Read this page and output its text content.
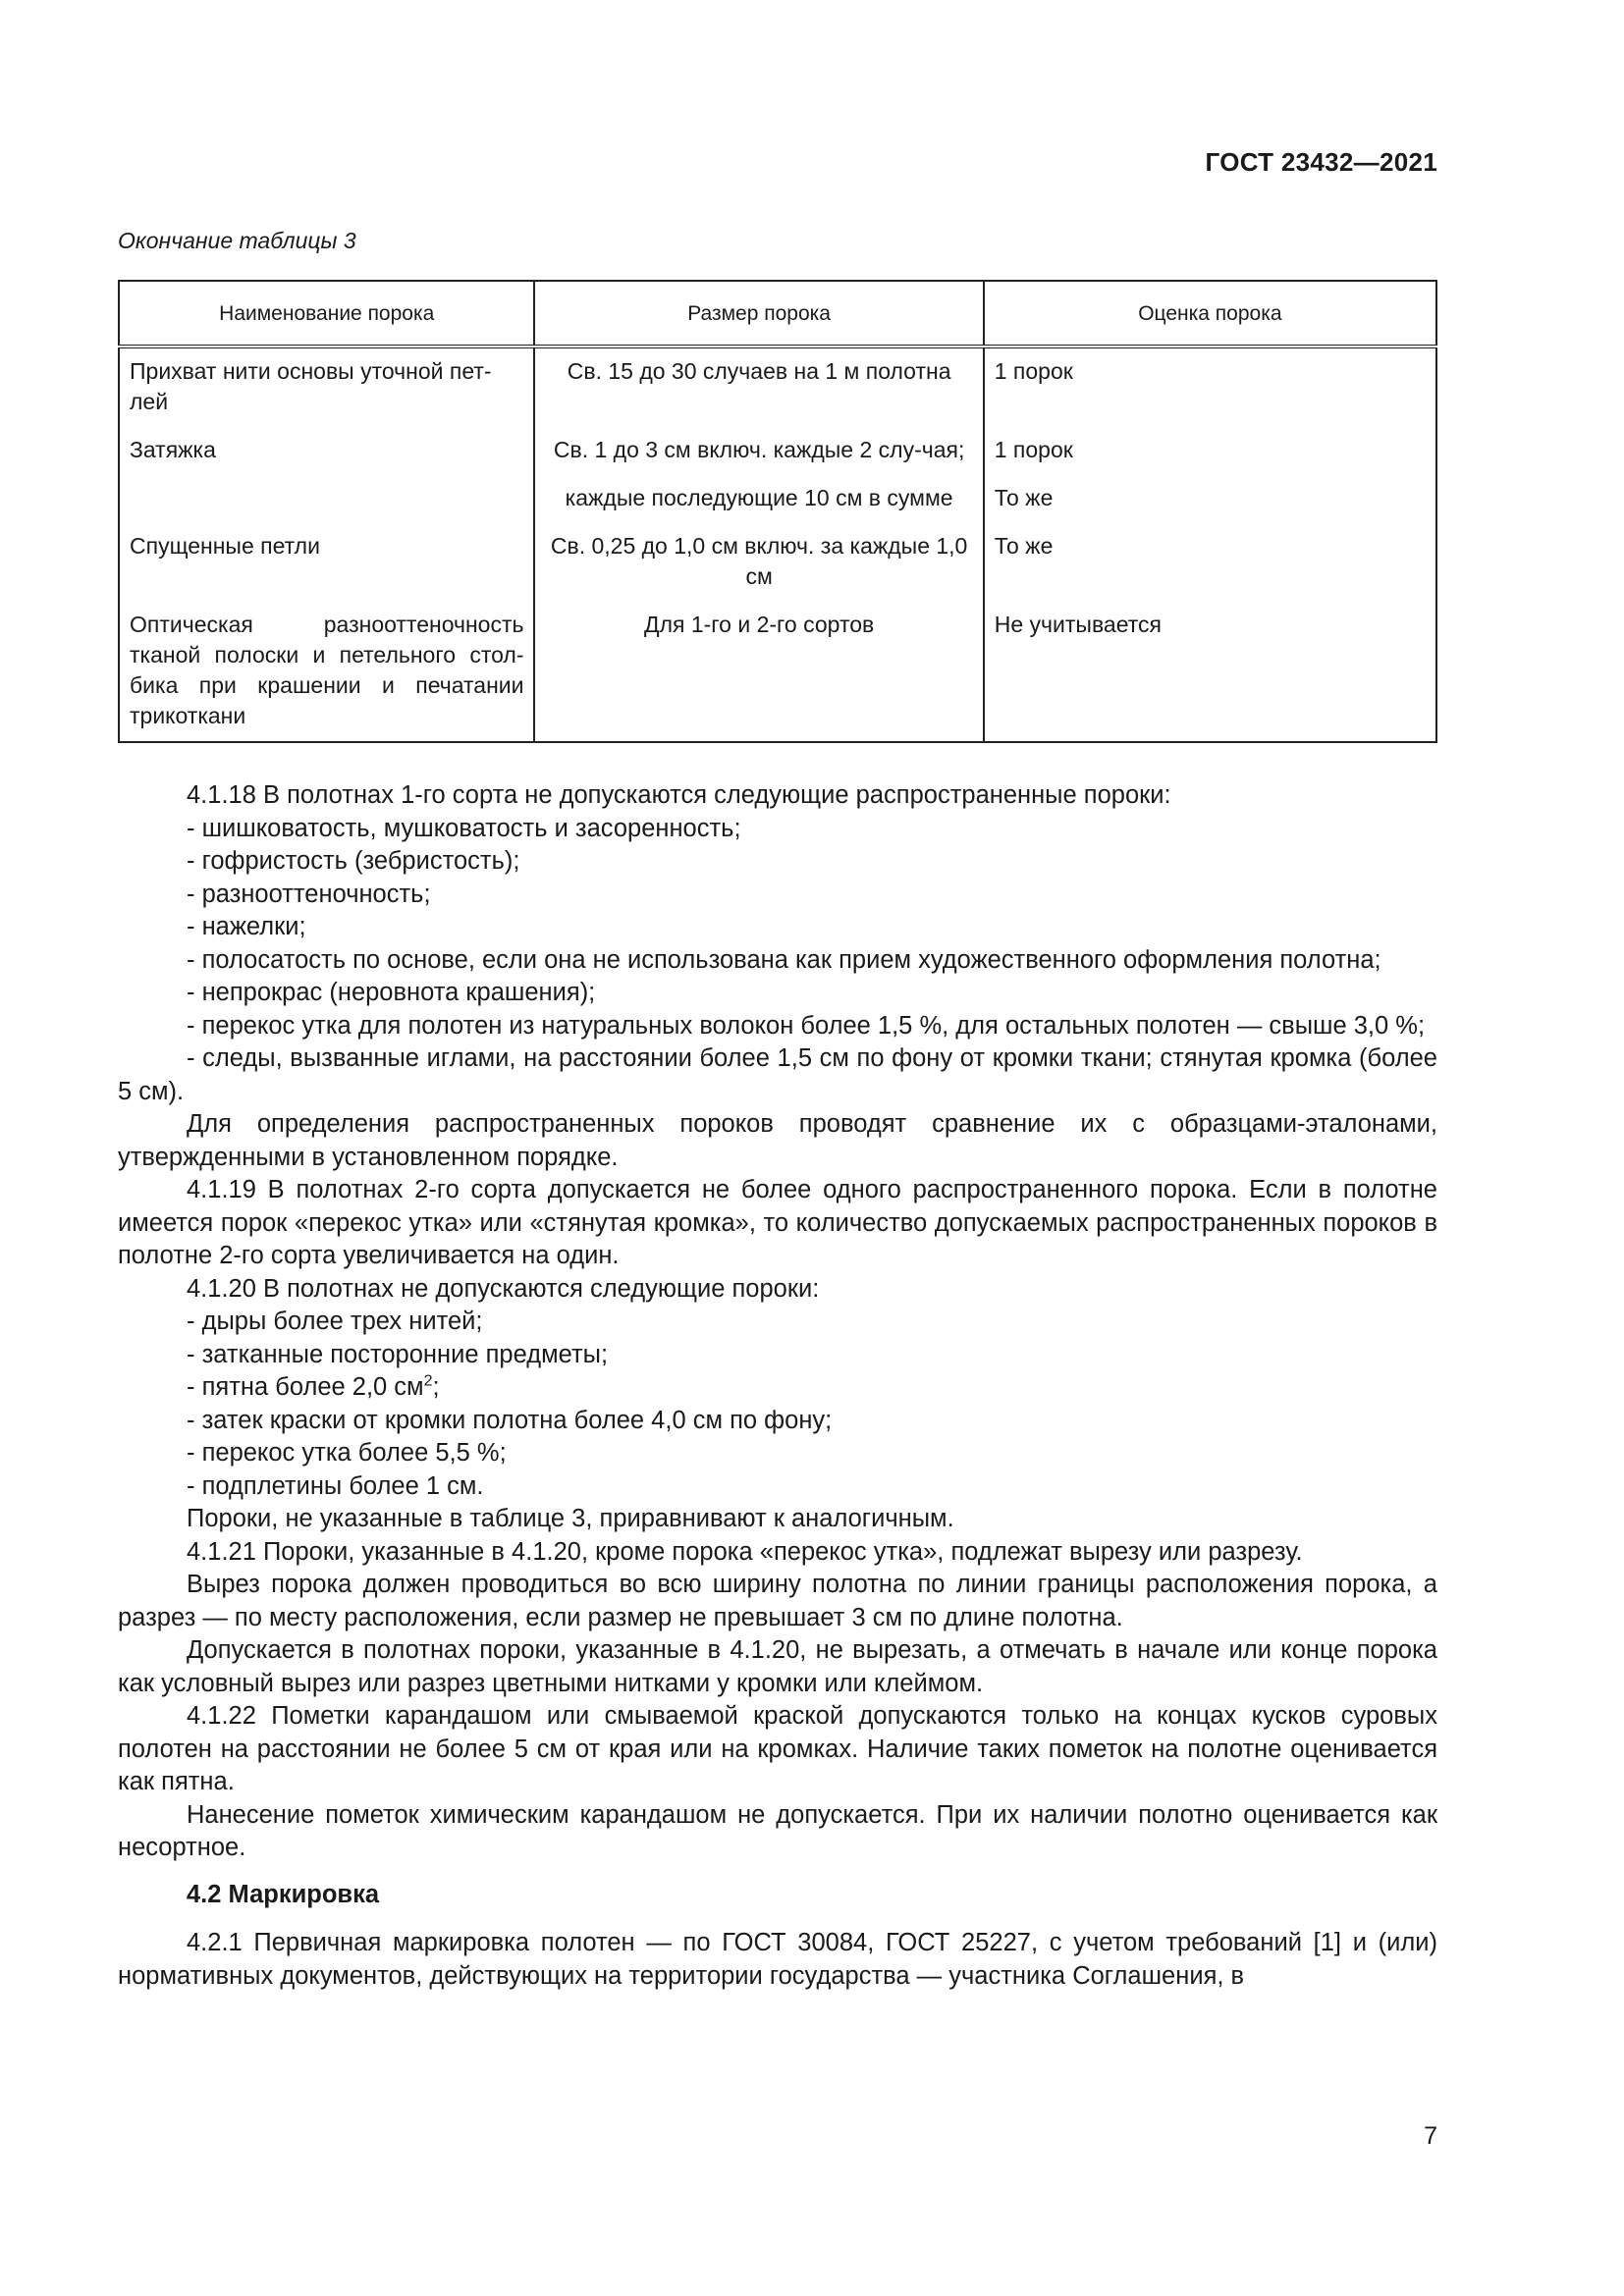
ГОСТ 23432—2021
Окончание таблицы 3
Наименование порока	Размер порока	Оценка порока
Прихват нити основы уточной пет-лей	Св. 15 до 30 случаев на 1 м полотна	1 порок
Затяжка	Св. 1 до 3 см включ. каждые 2 слу-чая;	1 порок
	каждые последующие 10 см в сумме	То же
Спущенные петли	Св. 0,25 до 1,0 см включ. за каждые 1,0 см	То же
Оптическая разнооттеночность тканой полоски и петельного стол-бика при крашении и печатании трикоткани	Для 1-го и 2-го сортов	Не учитывается

4.1.18 В полотнах 1-го сорта не допускаются следующие распространенные пороки:

- шишковатость, мушковатость и засоренность;

- гофристость (зебристость);

- разнооттеночность;

- нажелки;

- полосатость по основе, если она не использована как прием художественного оформления полотна;

- непрокрас (неровнота крашения);

- перекос утка для полотен из натуральных волокон более 1,5 %, для остальных полотен — свыше 3,0 %;

- следы, вызванные иглами, на расстоянии более 1,5 см по фону от кромки ткани; стянутая кромка (более 5 см).

Для определения распространенных пороков проводят сравнение их с образцами-эталонами, утвержденными в установленном порядке.

4.1.19 В полотнах 2-го сорта допускается не более одного распространенного порока. Если в полотне имеется порок «перекос утка» или «стянутая кромка», то количество допускаемых распространенных пороков в полотне 2-го сорта увеличивается на один.

4.1.20 В полотнах не допускаются следующие пороки:

- дыры более трех нитей;

- затканные посторонние предметы;

- пятна более 2,0 $см^2$;

- затек краски от кромки полотна более 4,0 см по фону;

- перекос утка более 5,5 %;

- подплетины более 1 см.

Пороки, не указанные в таблице 3, приравнивают к аналогичным.

4.1.21 Пороки, указанные в 4.1.20, кроме порока «перекос утка», подлежат вырезу или разрезу.

Вырез порока должен проводиться во всю ширину полотна по линии границы расположения порока, а разрез — по месту расположения, если размер не превышает 3 см по длине полотна.

Допускается в полотнах пороки, указанные в 4.1.20, не вырезать, а отмечать в начале или конце порока как условный вырез или разрез цветными нитками у кромки или клеймом.

4.1.22 Пометки карандашом или смываемой краской допускаются только на концах кусков суровых полотен на расстоянии не более 5 см от края или на кромках. Наличие таких пометок на полотне оценивается как пятна.

Нанесение пометок химическим карандашом не допускается. При их наличии полотно оценивается как несортное.

4.2 Маркировка

4.2.1 Первичная маркировка полотен — по ГОСТ 30084, ГОСТ 25227, с учетом требований [1] и (или) нормативных документов, действующих на территории государства — участника Соглашения, в

7
